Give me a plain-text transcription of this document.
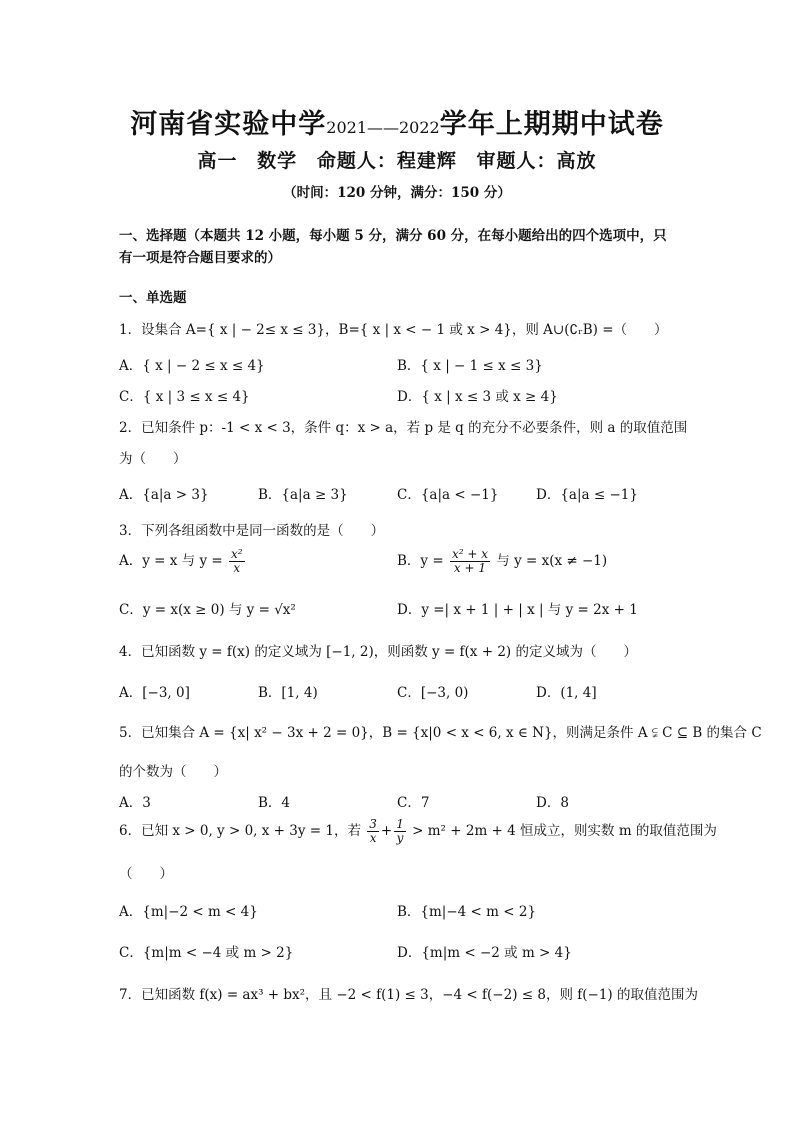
河南省实验中学2021——2022学年上期期中试卷
高一 数学 命题人：程建辉 审题人：高放
（时间：120 分钟，满分：150 分）
一、选择题（本题共 12 小题，每小题 5 分，满分 60 分，在每小题给出的四个选项中，只
有一项是符合题目要求的）
一、单选题
1．设集合 A={ x | − 2≤ x ≤ 3}，B={ x | x < − 1 或 x > 4}，则 A∪(∁ᵣB) =（　　）
A．{ x | − 2 ≤ x ≤ 4}	B．{ x | − 1 ≤ x ≤ 3}
C．{ x | 3 ≤ x ≤ 4}	D．{ x | x ≤ 3 或 x ≥ 4}
2．已知条件 p：-1 < x < 3，条件 q：x > a，若 p 是 q 的充分不必要条件，则 a 的取值范围
为（　　）
A．{a|a > 3}	B．{a|a ≥ 3}	C．{a|a < −1}	D．{a|a ≤ −1}
3．下列各组函数中是同一函数的是（　　）
A．y = x 与 $y = \frac{\text{x²}}{x}$	B．$y = \frac{\text{x² + x}}{x + 1}$ 与 y = x(x ≠ −1)
C．y = x(x ≥ 0) 与 y = √x²	D．y =| x + 1 | + | x | 与 y = 2x + 1
4．已知函数 y = f(x) 的定义域为 [−1, 2)，则函数 y = f(x + 2) 的定义域为（　　）
A．[−3, 0]	B．[1, 4)	C．[−3, 0)	D．(1, 4]
5．已知集合 A = {x| x² − 3x + 2 = 0}，B = {x|0 < x < 6, x ∈ N}，则满足条件 A ⫋ C ⊆ B 的集合 C
的个数为（　　）
A．3	B．4	C．7	D．8
6．已知 x > 0, y > 0, x + 3y = 1，若 $\frac{3}{x} + \frac{1}{y} > m^2 + 2m + 4$ 恒成立，则实数 m 的取值范围为
（　　）
A．{m|−2 < m < 4}	B．{m|−4 < m < 2}
C．{m|m < −4 或 m > 2}	D．{m|m < −2 或 m > 4}
7．已知函数 f(x) = ax³ + bx²，且 −2 < f(1) ≤ 3，−4 < f(−2) ≤ 8，则 f(−1) 的取值范围为
